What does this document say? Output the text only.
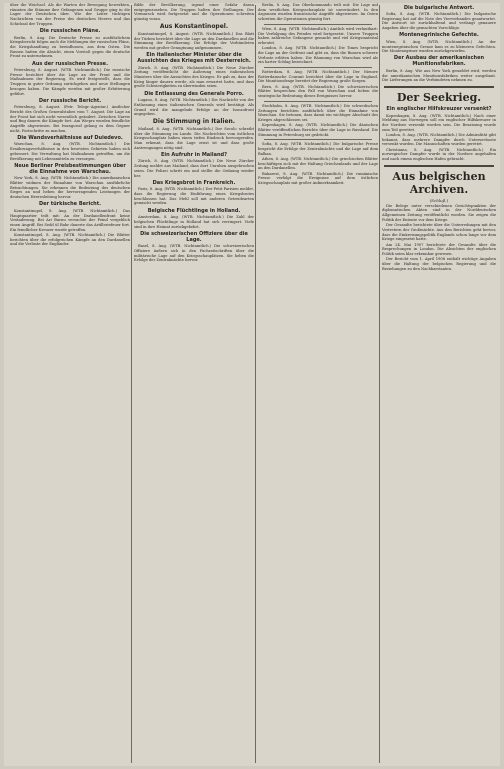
über die Weichsel. Als die Warten der Bewegung bewerkten, räumten die Stämme ihre Gefangenen und Gruppe ging in die Lager der Deutschen über. Wie der Leiter tüchtigen Nachrichten von der Preise des deutschen Heeres und das Schicksal der Truppen.

Die russischen Pläne.

Berlin, 8. Aug. Die Deutsche Presse zu ausführlichem Kriegsbericht folgen auch die Meldungen der russischen Pläne, die Kriegshandlung zu beeinflussen, aus dem Osten. Die Russen hatten die Absicht, einen Vorstoß gegen die deutsche Front zu unternehmen.

Aus der russischen Presse.

Petersburg, 8. August. (WTB. Nichtamtlich.) Die russische Presse berichtet über die Lage an der Front und die Maßnahmen der Regierung. Es wird festgestellt, dass die Truppen in guter Ordnung zurückgehen und neue Stellungen bezogen haben. Die Kämpfe werden mit großer Erbitterung geführt.

Der russische Bericht.

Petersburg, 8. August. (Petr. Telegr.-Agentur.) Amtlicher Bericht des Großen Generalstabes vom 7. August. Die Lage an der Front hat sich nicht wesentlich geändert. Zwischen Narew und Bug dauern die Kämpfe fort. Am Wieprz wurden feindliche Angriffe abgewiesen. Bei Iwangorod gelang es dem Gegner nicht, Fortschritte zu machen.

Die Wandsverhältnisse auf Duiedevo.

Warschau, 8. Aug. (WTB. Nichtamtlich.) Die Ernährungsverhältnisse in den besetzten Gebieten haben sich gebessert. Die Verwaltung hat Maßnahmen getroffen, um die Bevölkerung mit Lebensmitteln zu versorgen.

Neue Berliner Preisbestimmungen über die Einnahme von Warschau.

New York, 8. Aug. (WTB. Nichtamtlich.) Die amerikanischen Blätter widmen der Einnahme von Warschau ausführliche Betrachtungen. Sie erkennen die Bedeutung des deutschen Sieges an und heben die hervorragenden Leistungen der deutschen Heeresleitung hervor.

Der türkische Bericht.

Konstantinopel, 8. Aug. (WTB. Nichtamtlich.) Das Hauptquartier teilt mit: An der Dardanellenfront keine Veränderung. Bei Ari Burnu versuchte der Feind vergeblich einen Angriff. Bei Sedd ül Bahr dauerte das Artilleriefeuer fort. Ein feindlicher Kreuzer wurde getroffen.

Konstantinopel, 8. Aug. (WTB. Nichtamtlich.) Die Blätter berichten über die erfolgreichen Kämpfe an den Dardanellen und die Verluste der Engländer.

Bilde der Bevölkerung, irgend einer Gefahr daran entgegenzusehen. Die Truppen halten ihre Stellungen. Der Vormarsch wird fortgesetzt und die Operationen schreiten günstig voran.

Aus Konstantinopel.

Konstantinopel, 8. August. (WTB. Nichtamtlich.) Das Blatt der Türken berichtet über die Lage an den Dardanellen und die Stimmung der Bevölkerung. Die Erfolge der Verbündeten werden mit großer Genugtuung aufgenommen.

Ein italienischer Minister über die Aussichten des Krieges mit Oesterreich.

Zürich, 8. Aug. (WTB. Nichtamtlich.) Die Neue Zürcher Zeitung veröffentlicht die Äußerung eines italienischen Ministers über die Aussichten des Krieges. Er gab zu, dass der Krieg länger dauern werde, als man erwartet hatte, und dass große Schwierigkeiten zu überwinden seien.

Die Entlassung des Generals Porro.

Lugano, 8. Aug. (WTB. Nichtamtlich.) Die Nachricht von der Entlassung eines italienischen Generals wird bestätigt. Als Grund wird die mangelnde Erfolge an der Isonzofront angegeben.

Die Stimmung in Italien.

Mailand, 8. Aug. (WTB. Nichtamtlich.) Der Secolo schreibt über die Stimmung im Lande. Die Nachrichten vom östlichen Kriegsschauplatz haben einen tiefen Eindruck hervorgerufen. Man erkennt, dass die Lage ernst ist und dass große Anstrengungen nötig sind.

Ein Aufruhr in Mailand?

Zürich, 8. Aug. (WTB. Nichtamtlich.) Die Neue Zürcher Zeitung meldet aus Mailand, dass dort Unruhen ausgebrochen seien. Die Polizei schritt ein und stellte die Ordnung wieder her.

Das Kriegsbrot in Frankreich.

Paris, 8. Aug. (WTB. Nichtamtlich.) Der Petit Parisien meldet, dass die Regierung die Einführung eines Kriegsbrotes beschlossen hat. Das Mehl soll mit anderen Getreidearten gemischt werden.

Belgische Flüchtlinge in Holland.

Amsterdam, 8. Aug. (WTB. Nichtamtlich.) Die Zahl der belgischen Flüchtlinge in Holland hat sich verringert. Viele sind in ihre Heimat zurückgekehrt.

Die schweizerischen Offiziere über die Lage.

Basel, 8. Aug. (WTB. Nichtamtlich.) Die schweizerischen Offiziere äußern sich in den Fachzeitschriften über die militärische Lage auf den Kriegsschauplätzen. Sie heben die Erfolge der Zentralmächte hervor.

Berlin, 8. Aug. Das Oberkommando teilt mit: Die Lage auf dem westlichen Kriegsschauplatz ist unverändert. In den Argonnen wurden französische Angriffe abgewiesen. Im Osten schreiten die Operationen günstig fort.

Wien, 8. Aug. (WTB. Nichtamtlich.) Amtlich wird verlautbart: Die Verfolgung des Feindes wird fortgesetzt. Unsere Truppen haben zahlreiche Gefangene gemacht und viel Kriegsmaterial erbeutet.

London, 8. Aug. (WTB. Nichtamtlich.) Die Times bespricht die Lage an der Ostfront und gibt zu, dass die Russen schwere Verluste erlitten haben. Die Räumung von Warschau wird als ein harter Schlag bezeichnet.

Rotterdam, 8. Aug. (WTB. Nichtamtlich.) Der Nieuwe Rotterdamsche Courant berichtet über die Lage in England. Die Munitionsfrage bereitet der Regierung große Sorgen.

Bern, 8. Aug. (WTB. Nichtamtlich.) Die schweizerischen Blätter besprechen den Fall von Warschau und heben die strategische Bedeutung dieses Ereignisses hervor.

Stockholm, 8. Aug. (WTB. Nichtamtlich.) Die schwedischen Zeitungen berichten ausführlich über die Einnahme von Warschau. Sie betonen, dass damit ein wichtiger Abschnitt des Krieges abgeschlossen sei.

Kopenhagen, 8. Aug. (WTB. Nichtamtlich.) Die dänischen Blätter veröffentlichen Berichte über die Lage in Russland. Die Stimmung in Petersburg sei gedrückt.

Sofia, 8. Aug. (WTB. Nichtamtlich.) Die bulgarische Presse bespricht die Erfolge der Zentralmächte und die Lage auf dem Balkan.

Athen, 8. Aug. (WTB. Nichtamtlich.) Die griechischen Blätter beschäftigen sich mit der Haltung Griechenlands und der Lage an den Dardanellen.

Bukarest, 8. Aug. (WTB. Nichtamtlich.) Die rumänische Presse verfolgt die Ereignisse auf dem östlichen Kriegsschauplatz mit großer Aufmerksamkeit.

Die bulgarische Antwort.

Sofia, 8. Aug. (WTB. Nichtamtlich.) Die bulgarische Regierung hat auf die Note des Vierverbandes geantwortet. Die Antwort ist zurückhaltend und verlangt genauere Angaben über die gemachten Vorschläge.

Montenegrinische Gefechte.

Wien, 8. Aug. (WTB. Nichtamtlich.) An der montenegrinischen Grenze kam es zu kleineren Gefechten. Die Montenegriner wurden zurückgeworfen.

Der Ausbau der amerikanischen Munitionsfabriken.

Berlin, 8. Aug. Wie aus New York gemeldet wird, werden die amerikanischen Munitionsfabriken weiter ausgebaut. Die Lieferungen an die Verbündeten nehmen zu.

Der Seekrieg.
Ein englischer Hilfskreuzer versenkt?

Kopenhagen, 8. Aug. (WTB. Nichtamtlich.) Nach einer Meldung aus Norwegen soll ein englischer Hilfskreuzer in der Nordsee versenkt worden sein. Die Besatzung wurde zum Teil gerettet.

London, 8. Aug. (WTB. Nichtamtlich.) Die Admiralität gibt bekannt, dass mehrere Dampfer durch Unterseeboote versenkt wurden. Die Mannschaften wurden gerettet.

Christiania, 8. Aug. (WTB. Nichtamtlich.) Ein norwegischer Dampfer wurde in der Nordsee angehalten und nach einem englischen Hafen gebracht.

Aus belgischen Archiven.
(Schluß.)

Die Belege unter verschiedenen Gesichtspunkten der diplomatischen Akten sind in der Norddeutschen Allgemeinen Zeitung veröffentlicht worden. Sie zeigen die Politik der Entente vor dem Kriege.

Der Gesandte berichtete über die Unterredungen mit den Vertretern der Großmächte. Aus den Berichten geht hervor, dass die Einkreisungspolitik Englands schon lange vor dem Kriege eingesetzt hatte.

Am 24. Mai 1907 berichtete der Gesandte über die Besprechungen in London. Die Absichten der englischen Politik seien klar erkennbar gewesen.

Der Bericht vom 1. April 1908 enthält wichtige Angaben über die Haltung der belgischen Regierung und die Beziehungen zu den Nachbarstaaten.
